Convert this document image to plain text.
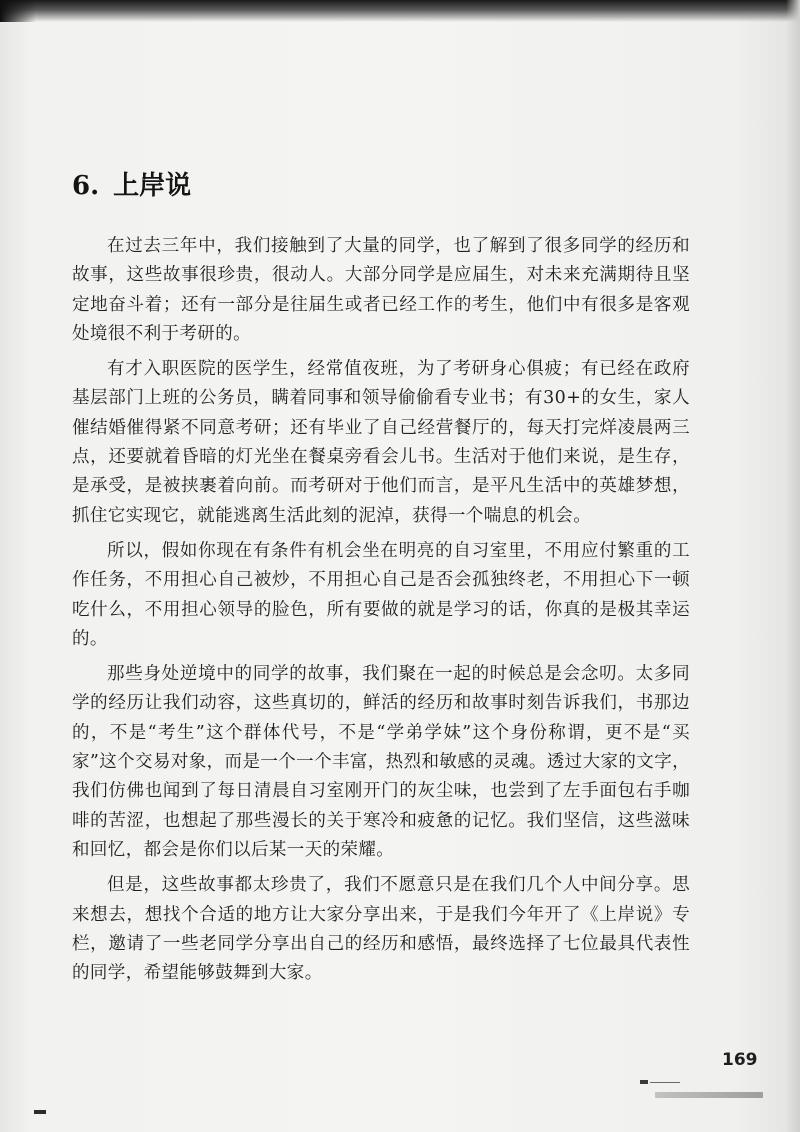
6. 上岸说

在过去三年中，我们接触到了大量的同学，也了解到了很多同学的经历和故事，这些故事很珍贵，很动人。大部分同学是应届生，对未来充满期待且坚定地奋斗着；还有一部分是往届生或者已经工作的考生，他们中有很多是客观处境很不利于考研的。

有才入职医院的医学生，经常值夜班，为了考研身心俱疲；有已经在政府基层部门上班的公务员，瞒着同事和领导偷偷看专业书；有30+的女生，家人催结婚催得紧不同意考研；还有毕业了自己经营餐厅的，每天打完烊凌晨两三点，还要就着昏暗的灯光坐在餐桌旁看会儿书。生活对于他们来说，是生存，是承受，是被挟裹着向前。而考研对于他们而言，是平凡生活中的英雄梦想，抓住它实现它，就能逃离生活此刻的泥淖，获得一个喘息的机会。

所以，假如你现在有条件有机会坐在明亮的自习室里，不用应付繁重的工作任务，不用担心自己被炒，不用担心自己是否会孤独终老，不用担心下一顿吃什么，不用担心领导的脸色，所有要做的就是学习的话，你真的是极其幸运的。

那些身处逆境中的同学的故事，我们聚在一起的时候总是会念叨。太多同学的经历让我们动容，这些真切的，鲜活的经历和故事时刻告诉我们，书那边的，不是“考生”这个群体代号，不是“学弟学妹”这个身份称谓，更不是“买家”这个交易对象，而是一个一个丰富，热烈和敏感的灵魂。透过大家的文字，我们仿佛也闻到了每日清晨自习室刚开门的灰尘味，也尝到了左手面包右手咖啡的苦涩，也想起了那些漫长的关于寒冷和疲惫的记忆。我们坚信，这些滋味和回忆，都会是你们以后某一天的荣耀。

但是，这些故事都太珍贵了，我们不愿意只是在我们几个人中间分享。思来想去，想找个合适的地方让大家分享出来，于是我们今年开了《上岸说》专栏，邀请了一些老同学分享出自己的经历和感悟，最终选择了七位最具代表性的同学，希望能够鼓舞到大家。

169
